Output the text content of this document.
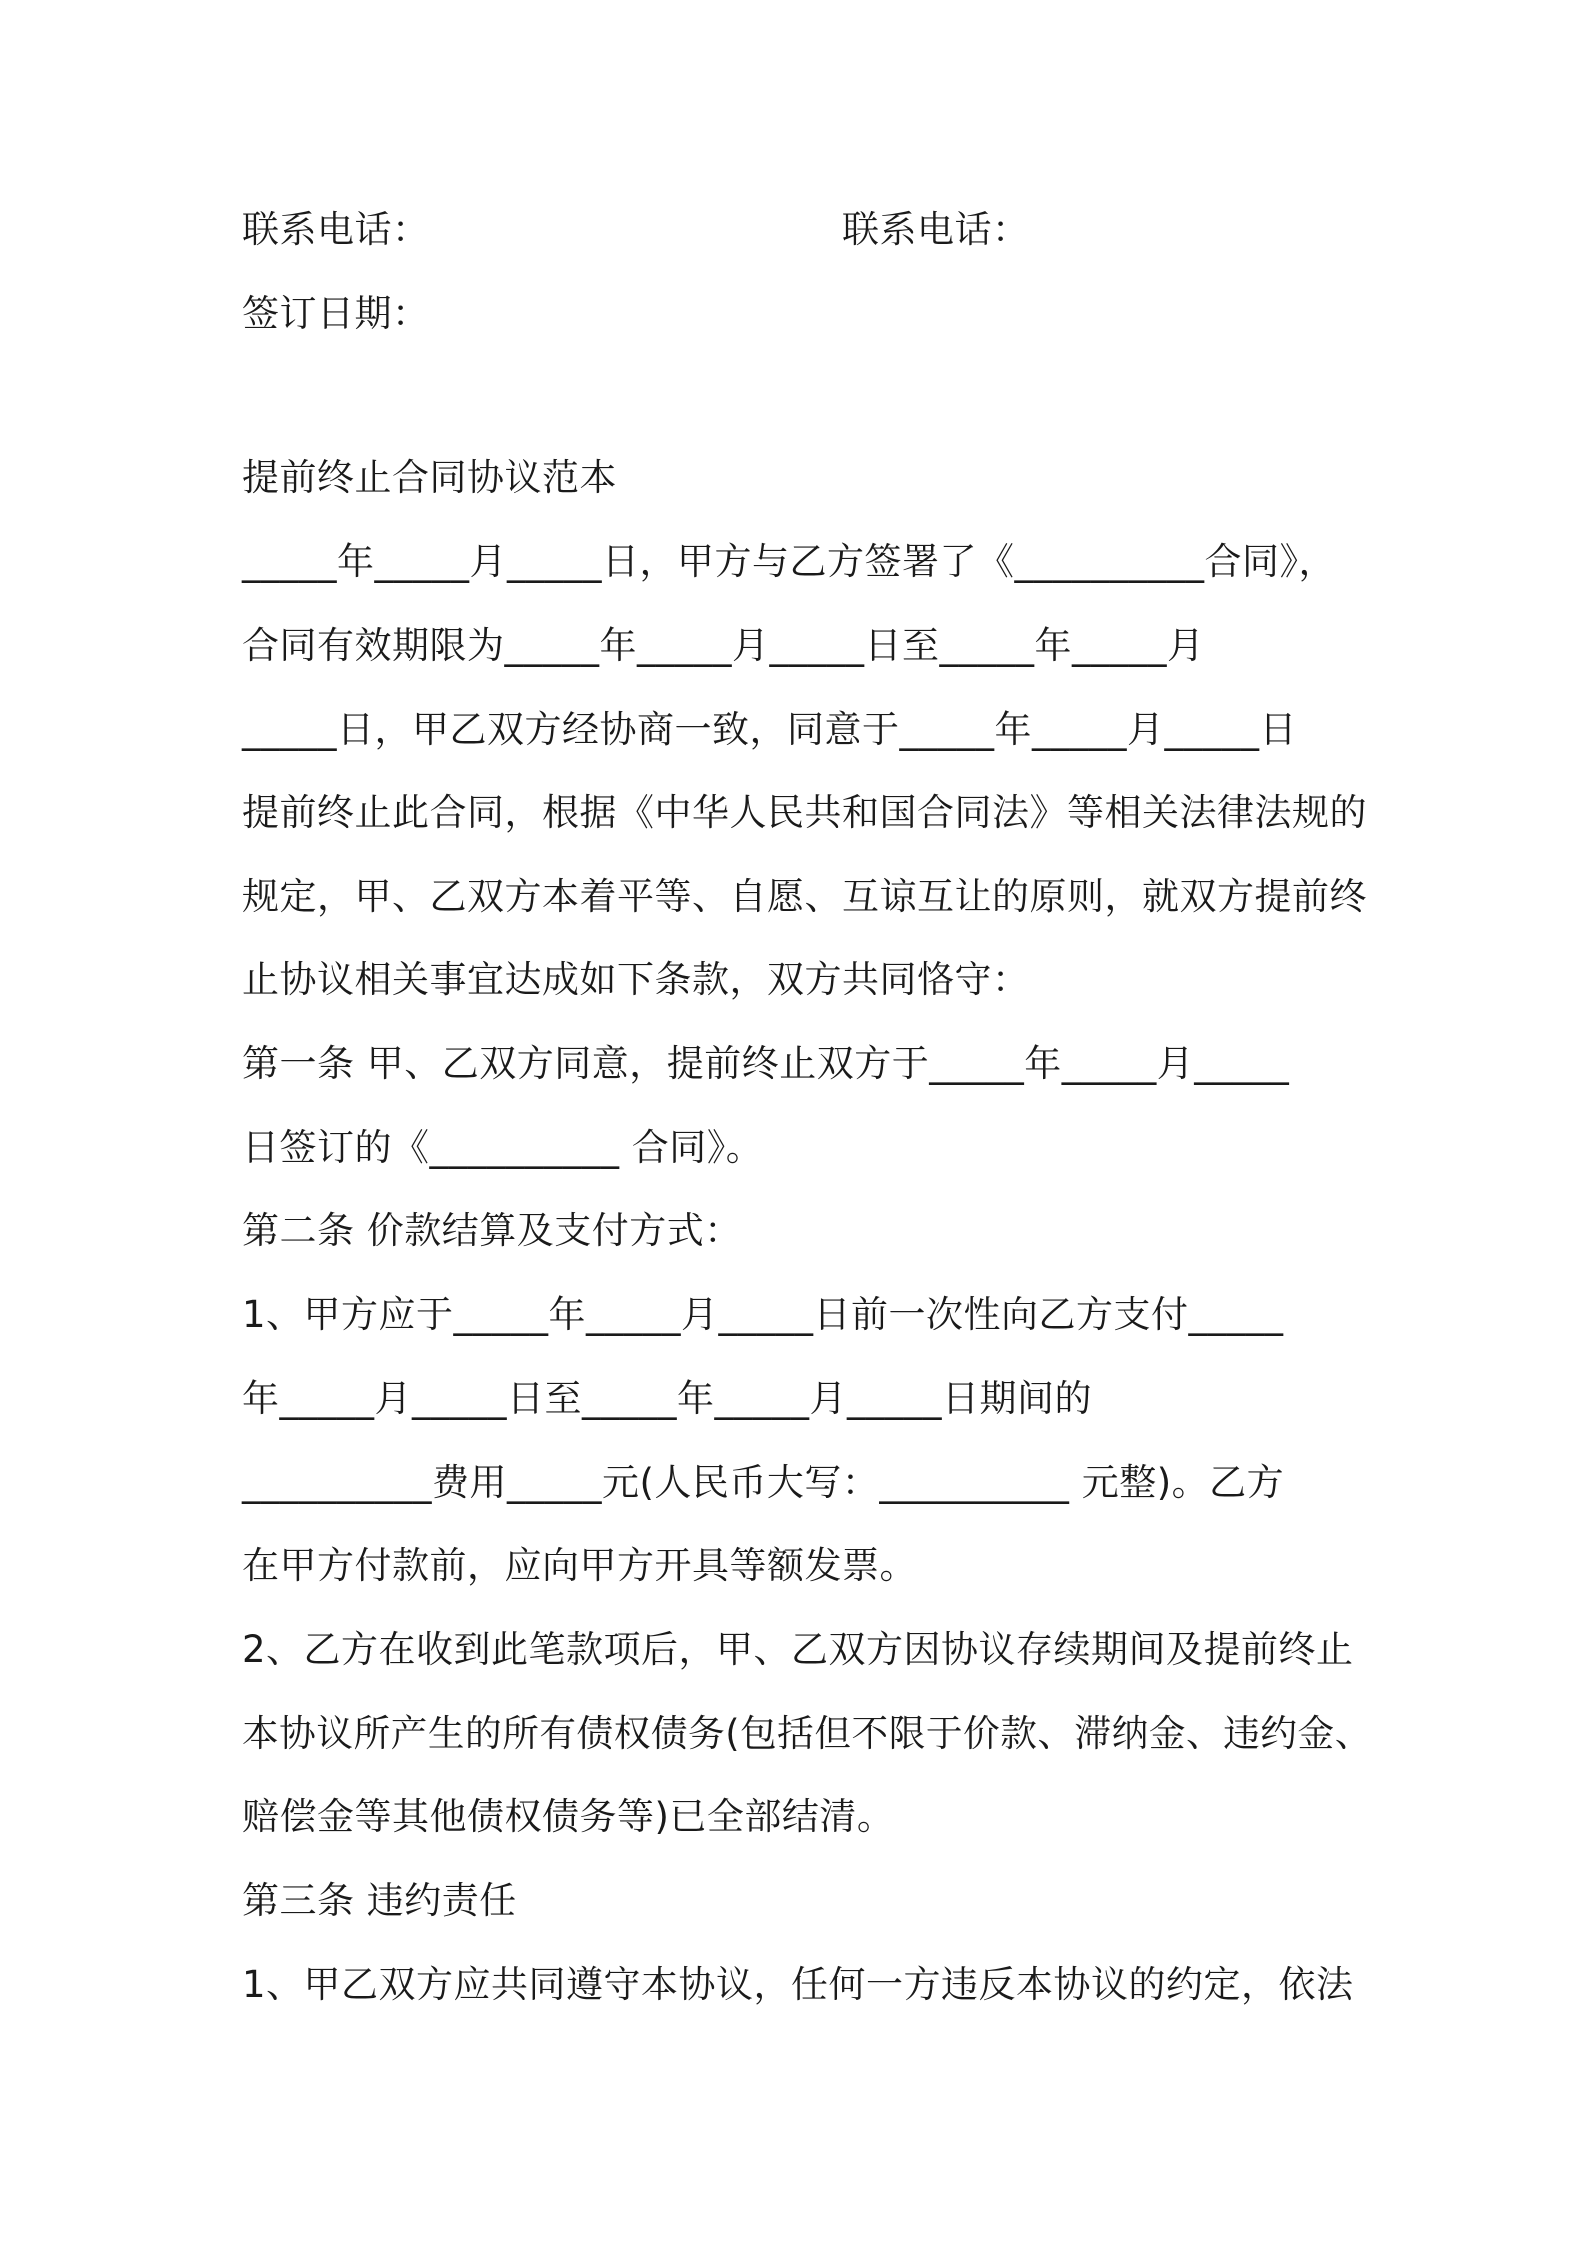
联系电话：	联系电话：
签订日期：
提前终止合同协议范本
_____年_____月_____日，甲方与乙方签署了《__________合同》，
合同有效期限为_____年_____月_____日至_____年_____月
_____日，甲乙双方经协商一致，同意于_____年_____月_____日
提前终止此合同，根据《中华人民共和国合同法》等相关法律法规的
规定，甲、乙双方本着平等、自愿、互谅互让的原则，就双方提前终
止协议相关事宜达成如下条款，双方共同恪守：
第一条 甲、乙双方同意，提前终止双方于_____年_____月_____
日签订的《__________ 合同》。
第二条 价款结算及支付方式：
1、甲方应于_____年_____月_____日前一次性向乙方支付_____
年_____月_____日至_____年_____月_____日期间的
__________费用_____元(人民币大写：__________ 元整)。乙方
在甲方付款前，应向甲方开具等额发票。
2、乙方在收到此笔款项后，甲、乙双方因协议存续期间及提前终止
本协议所产生的所有债权债务(包括但不限于价款、滞纳金、违约金、
赔偿金等其他债权债务等)已全部结清。
第三条 违约责任
1、甲乙双方应共同遵守本协议，任何一方违反本协议的约定，依法
